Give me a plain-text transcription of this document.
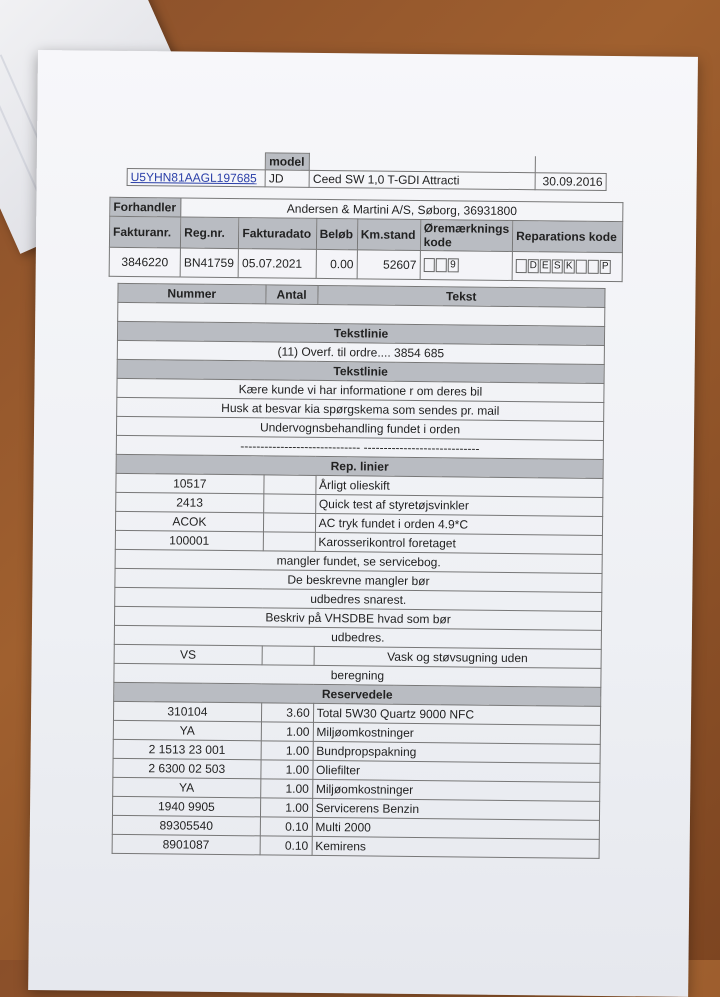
	model		
U5YHN81AAGL197685	JD	Ceed SW 1,0 T-GDI Attracti	30.09.2016
Forhandler	Andersen & Martini A/S, Søborg, 36931800					
Fakturanr.	Reg.nr.	Fakturadato	Beløb	Km.stand	Øremærknings kode	Reparations kode
3846220	BN41759	05.07.2021	0.00	52607	9	D E S K P
Nummer	Antal	Tekst

Tekstlinie		
(11) Overf. til ordre.... 3854 685		
Tekstlinie		
Kære kunde vi har informatione r om deres bil		
Husk at besvar kia spørgskema som sendes pr. mail		
Undervognsbehandling fundet i orden		
------------------------------ -----------------------------		
Rep. linier		
10517		Årligt olieskift
2413		Quick test af styretøjsvinkler
ACOK		AC tryk fundet i orden 4.9*C
100001		Karosserikontrol foretaget
mangler fundet, se servicebog.		
De beskrevne mangler bør		
udbedres snarest.		
Beskriv på VHSDBE hvad som bør		
udbedres.		
VS		Vask og støvsugning uden
beregning		
Reservedele		
310104	3.60	Total 5W30 Quartz 9000 NFC
YA	1.00	Miljøomkostninger
2 1513 23 001	1.00	Bundpropspakning
2 6300 02 503	1.00	Oliefilter
YA	1.00	Miljøomkostninger
1940 9905	1.00	Servicerens Benzin
89305540	0.10	Multi 2000
8901087	0.10	Kemirens
